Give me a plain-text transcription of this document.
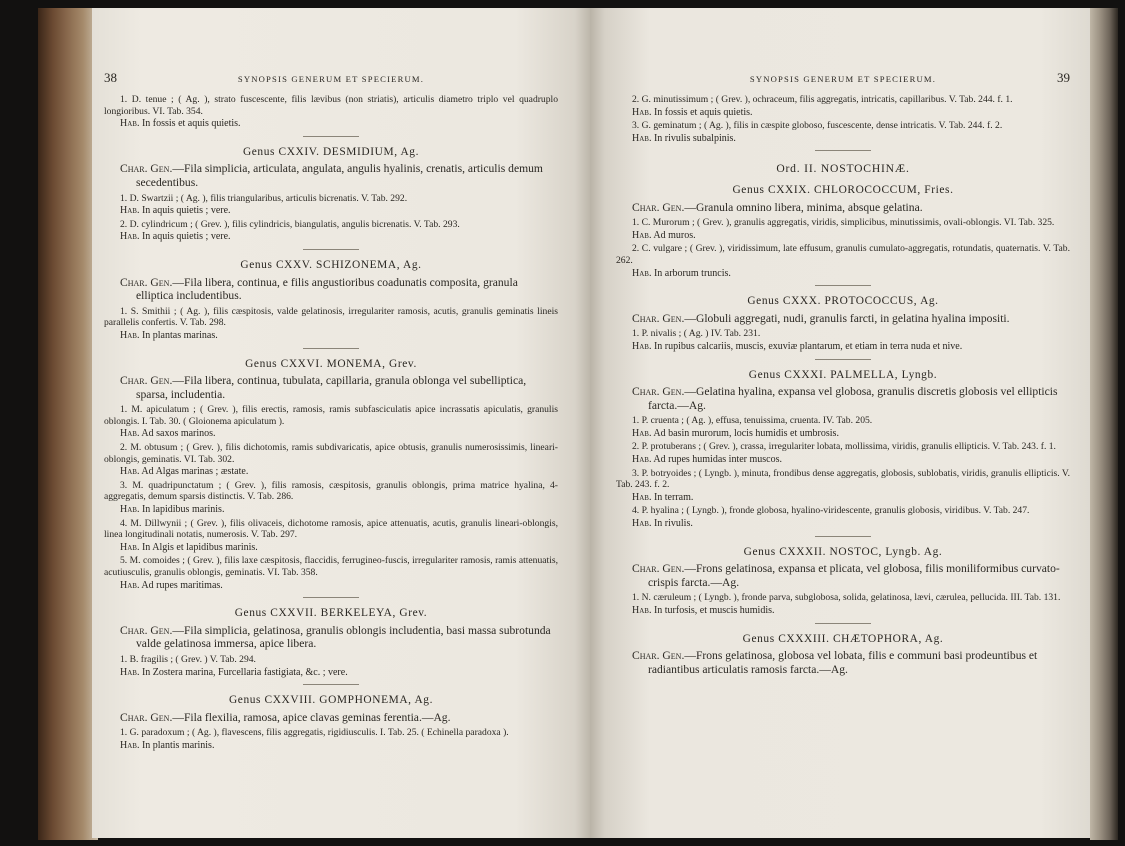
38	SYNOPSIS GENERUM ET SPECIERUM.
1. D. tenue ; ( Ag. ), strato fuscescente, filis lævibus (non striatis), articulis diametro triplo vel quadruplo longioribus. VI. Tab. 354.
Hab. In fossis et aquis quietis.
Genus CXXIV. DESMIDIUM, Ag.
Char. Gen.—Fila simplicia, articulata, angulata, angulis hyalinis, crenatis, articulis demum secedentibus.
1. D. Swartzii ; ( Ag. ), filis triangularibus, articulis bicrenatis. V. Tab. 292.
Hab. In aquis quietis ; vere.
2. D. cylindricum ; ( Grev. ), filis cylindricis, biangulatis, angulis bicrenatis. V. Tab. 293.
Hab. In aquis quietis ; vere.
Genus CXXV. SCHIZONEMA, Ag.
Char. Gen.—Fila libera, continua, e filis angustioribus coadunatis composita, granula elliptica includentibus.
1. S. Smithii ; ( Ag. ), filis cæspitosis, valde gelatinosis, irregulariter ramosis, acutis, granulis geminatis lineis parallelis confertis. V. Tab. 298.
Hab. In plantas marinas.
Genus CXXVI. MONEMA, Grev.
Char. Gen.—Fila libera, continua, tubulata, capillaria, granula oblonga vel subelliptica, sparsa, includentia.
1. M. apiculatum ; ( Grev. ), filis erectis, ramosis, ramis subfasciculatis apice incrassatis apiculatis, granulis oblongis. I. Tab. 30. ( Gloionema apiculatum ).
Hab. Ad saxos marinos.
2. M. obtusum ; ( Grev. ), filis dichotomis, ramis subdivaricatis, apice obtusis, granulis numerosissimis, lineari-oblongis, geminatis. VI. Tab. 302.
Hab. Ad Algas marinas ; æstate.
3. M. quadripunctatum ; ( Grev. ), filis ramosis, cæspitosis, granulis oblongis, prima matrice hyalina, 4-aggregatis, demum sparsis distinctis. V. Tab. 286.
Hab. In lapidibus marinis.
4. M. Dillwynii ; ( Grev. ), filis olivaceis, dichotome ramosis, apice attenuatis, acutis, granulis lineari-oblongis, linea longitudinali notatis, numerosis. V. Tab. 297.
Hab. In Algis et lapidibus marinis.
5. M. comoides ; ( Grev. ), filis laxe cæspitosis, flaccidis, ferrugineo-fuscis, irregulariter ramosis, ramis attenuatis, acutiusculis, granulis oblongis, geminatis. VI. Tab. 358.
Hab. Ad rupes maritimas.
Genus CXXVII. BERKELEYA, Grev.
Char. Gen.—Fila simplicia, gelatinosa, granulis oblongis includentia, basi massa subrotunda valde gelatinosa immersa, apice libera.
1. B. fragilis ; ( Grev. ) V. Tab. 294.
Hab. In Zostera marina, Furcellaria fastigiata, &c. ; vere.
Genus CXXVIII. GOMPHONEMA, Ag.
Char. Gen.—Fila flexilia, ramosa, apice clavas geminas ferentia.—Ag.
1. G. paradoxum ; ( Ag. ), flavescens, filis aggregatis, rigidiusculis. I. Tab. 25. ( Echinella paradoxa ).
Hab. In plantis marinis.
SYNOPSIS GENERUM ET SPECIERUM.	39
2. G. minutissimum ; ( Grev. ), ochraceum, filis aggregatis, intricatis, capillaribus. V. Tab. 244. f. 1.
Hab. In fossis et aquis quietis.
3. G. geminatum ; ( Ag. ), filis in cæspite globoso, fuscescente, dense intricatis. V. Tab. 244. f. 2.
Hab. In rivulis subalpinis.
Ord. II. NOSTOCHINÆ.
Genus CXXIX. CHLOROCOCCUM, Fries.
Char. Gen.—Granula omnino libera, minima, absque gelatina.
1. C. Murorum ; ( Grev. ), granulis aggregatis, viridis, simplicibus, minutissimis, ovali-oblongis. VI. Tab. 325.
Hab. Ad muros.
2. C. vulgare ; ( Grev. ), viridissimum, late effusum, granulis cumulato-aggregatis, rotundatis, quaternatis. V. Tab. 262.
Hab. In arborum truncis.
Genus CXXX. PROTOCOCCUS, Ag.
Char. Gen.—Globuli aggregati, nudi, granulis farcti, in gelatina hyalina impositi.
1. P. nivalis ; ( Ag. ) IV. Tab. 231.
Hab. In rupibus calcariis, muscis, exuviæ plantarum, et etiam in terra nuda et nive.
Genus CXXXI. PALMELLA, Lyngb.
Char. Gen.—Gelatina hyalina, expansa vel globosa, granulis discretis globosis vel ellipticis farcta.—Ag.
1. P. cruenta ; ( Ag. ), effusa, tenuissima, cruenta. IV. Tab. 205.
Hab. Ad basin murorum, locis humidis et umbrosis.
2. P. protuberans ; ( Grev. ), crassa, irregulariter lobata, mollissima, viridis, granulis ellipticis. V. Tab. 243. f. 1.
Hab. Ad rupes humidas inter muscos.
3. P. botryoides ; ( Lyngb. ), minuta, frondibus dense aggregatis, globosis, sublobatis, viridis, granulis ellipticis. V. Tab. 243. f. 2.
Hab. In terram.
4. P. hyalina ; ( Lyngb. ), fronde globosa, hyalino-viridescente, granulis globosis, viridibus. V. Tab. 247.
Hab. In rivulis.
Genus CXXXII. NOSTOC, Lyngb. Ag.
Char. Gen.—Frons gelatinosa, expansa et plicata, vel globosa, filis moniliformibus curvato-crispis farcta.—Ag.
1. N. cæruleum ; ( Lyngb. ), fronde parva, subglobosa, solida, gelatinosa, lævi, cærulea, pellucida. III. Tab. 131.
Hab. In turfosis, et muscis humidis.
Genus CXXXIII. CHÆTOPHORA, Ag.
Char. Gen.—Frons gelatinosa, globosa vel lobata, filis e communi basi prodeuntibus et radiantibus articulatis ramosis farcta.—Ag.
